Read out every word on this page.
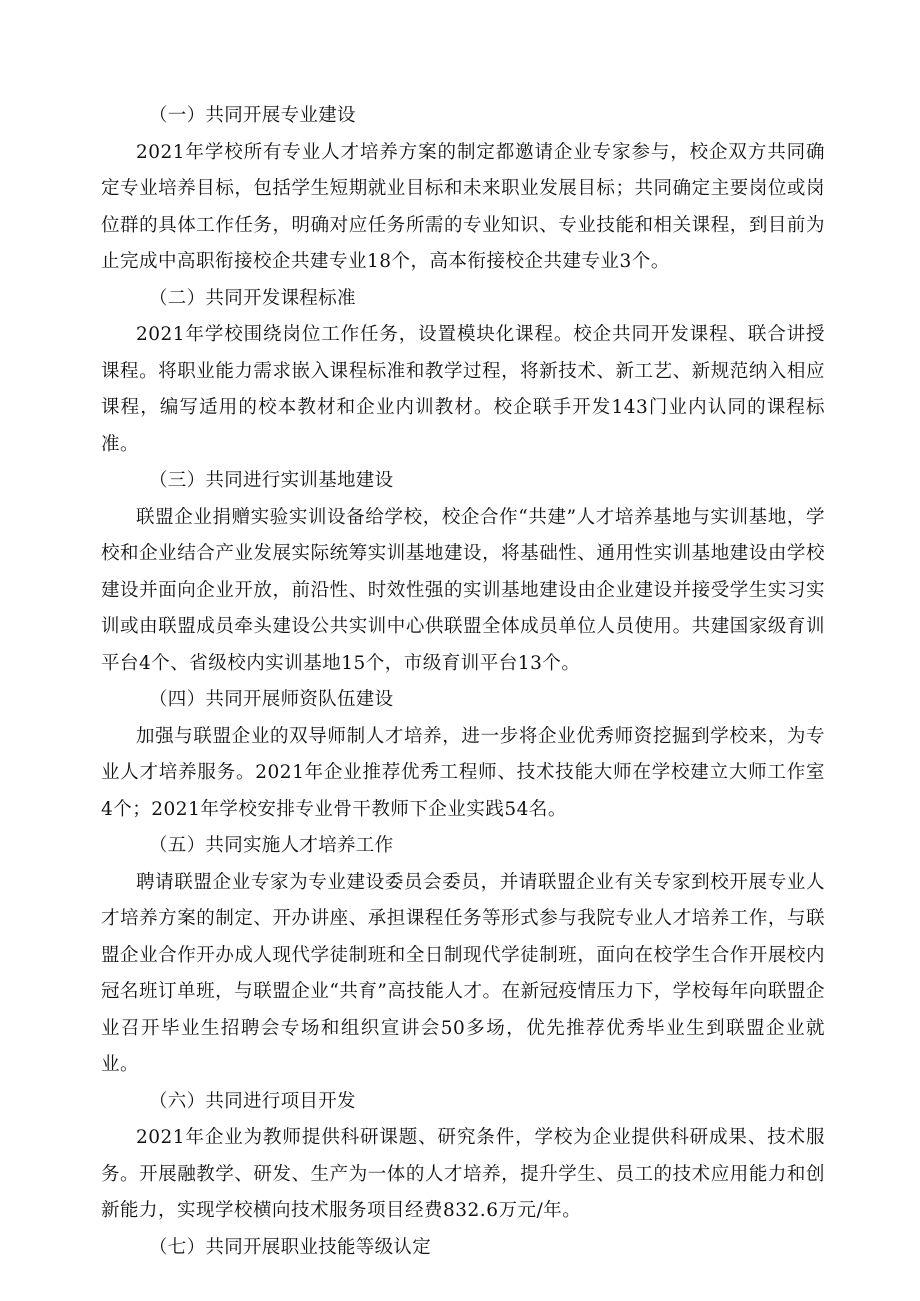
（一）共同开展专业建设

2021年学校所有专业人才培养方案的制定都邀请企业专家参与，校企双方共同确定专业培养目标，包括学生短期就业目标和未来职业发展目标；共同确定主要岗位或岗位群的具体工作任务，明确对应任务所需的专业知识、专业技能和相关课程，到目前为止完成中高职衔接校企共建专业18个，高本衔接校企共建专业3个。

（二）共同开发课程标准

2021年学校围绕岗位工作任务，设置模块化课程。校企共同开发课程、联合讲授课程。将职业能力需求嵌入课程标准和教学过程，将新技术、新工艺、新规范纳入相应课程，编写适用的校本教材和企业内训教材。校企联手开发143门业内认同的课程标准。

（三）共同进行实训基地建设

联盟企业捐赠实验实训设备给学校，校企合作“共建”人才培养基地与实训基地，学校和企业结合产业发展实际统筹实训基地建设，将基础性、通用性实训基地建设由学校建设并面向企业开放，前沿性、时效性强的实训基地建设由企业建设并接受学生实习实训或由联盟成员牵头建设公共实训中心供联盟全体成员单位人员使用。共建国家级育训平台4个、省级校内实训基地15个，市级育训平台13个。

（四）共同开展师资队伍建设

加强与联盟企业的双导师制人才培养，进一步将企业优秀师资挖掘到学校来，为专业人才培养服务。2021年企业推荐优秀工程师、技术技能大师在学校建立大师工作室4个；2021年学校安排专业骨干教师下企业实践54名。

（五）共同实施人才培养工作

聘请联盟企业专家为专业建设委员会委员，并请联盟企业有关专家到校开展专业人才培养方案的制定、开办讲座、承担课程任务等形式参与我院专业人才培养工作，与联盟企业合作开办成人现代学徒制班和全日制现代学徒制班，面向在校学生合作开展校内冠名班订单班，与联盟企业“共育”高技能人才。在新冠疫情压力下，学校每年向联盟企业召开毕业生招聘会专场和组织宣讲会50多场，优先推荐优秀毕业生到联盟企业就业。

（六）共同进行项目开发

2021年企业为教师提供科研课题、研究条件，学校为企业提供科研成果、技术服务。开展融教学、研发、生产为一体的人才培养，提升学生、员工的技术应用能力和创新能力，实现学校横向技术服务项目经费832.6万元/年。

（七）共同开展职业技能等级认定
